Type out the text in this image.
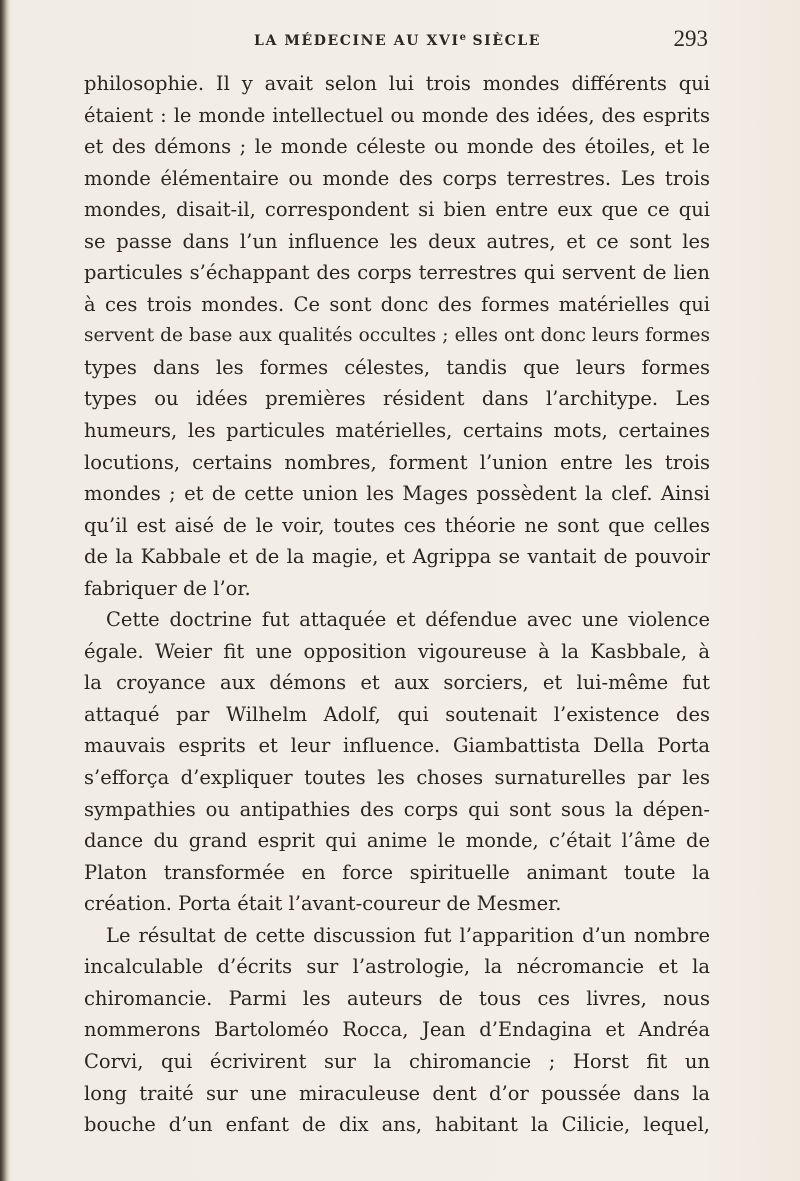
LA MÉDECINE AU XVIe SIÈCLE	293
philosophie. Il y avait selon lui trois mondes différents qui
étaient : le monde intellectuel ou monde des idées, des esprits
et des démons ; le monde céleste ou monde des étoiles, et le
monde élémentaire ou monde des corps terrestres. Les trois
mondes, disait-il, correspondent si bien entre eux que ce qui
se passe dans l’un influence les deux autres, et ce sont les
particules s’échappant des corps terrestres qui servent de lien
à ces trois mondes. Ce sont donc des formes matérielles qui
servent de base aux qualités occultes ; elles ont donc leurs formes
types dans les formes célestes, tandis que leurs formes
types ou idées premières résident dans l’architype. Les
humeurs, les particules matérielles, certains mots, certaines
locutions, certains nombres, forment l’union entre les trois
mondes ; et de cette union les Mages possèdent la clef. Ainsi
qu’il est aisé de le voir, toutes ces théorie ne sont que celles
de la Kabbale et de la magie, et Agrippa se vantait de pouvoir
fabriquer de l’or.
Cette doctrine fut attaquée et défendue avec une violence
égale. Weier fit une opposition vigoureuse à la Kasbbale, à
la croyance aux démons et aux sorciers, et lui-même fut
attaqué par Wilhelm Adolf, qui soutenait l’existence des
mauvais esprits et leur influence. Giambattista Della Porta
s’efforça d’expliquer toutes les choses surnaturelles par les
sympathies ou antipathies des corps qui sont sous la dépen-
dance du grand esprit qui anime le monde, c’était l’âme de
Platon transformée en force spirituelle animant toute la
création. Porta était l’avant-coureur de Mesmer.
Le résultat de cette discussion fut l’apparition d’un nombre
incalculable d’écrits sur l’astrologie, la nécromancie et la
chiromancie. Parmi les auteurs de tous ces livres, nous
nommerons Bartoloméo Rocca, Jean d’Endagina et Andréa
Corvi, qui écrivirent sur la chiromancie ; Horst fit un
long traité sur une miraculeuse dent d’or poussée dans la
bouche d’un enfant de dix ans, habitant la Cilicie, lequel,
